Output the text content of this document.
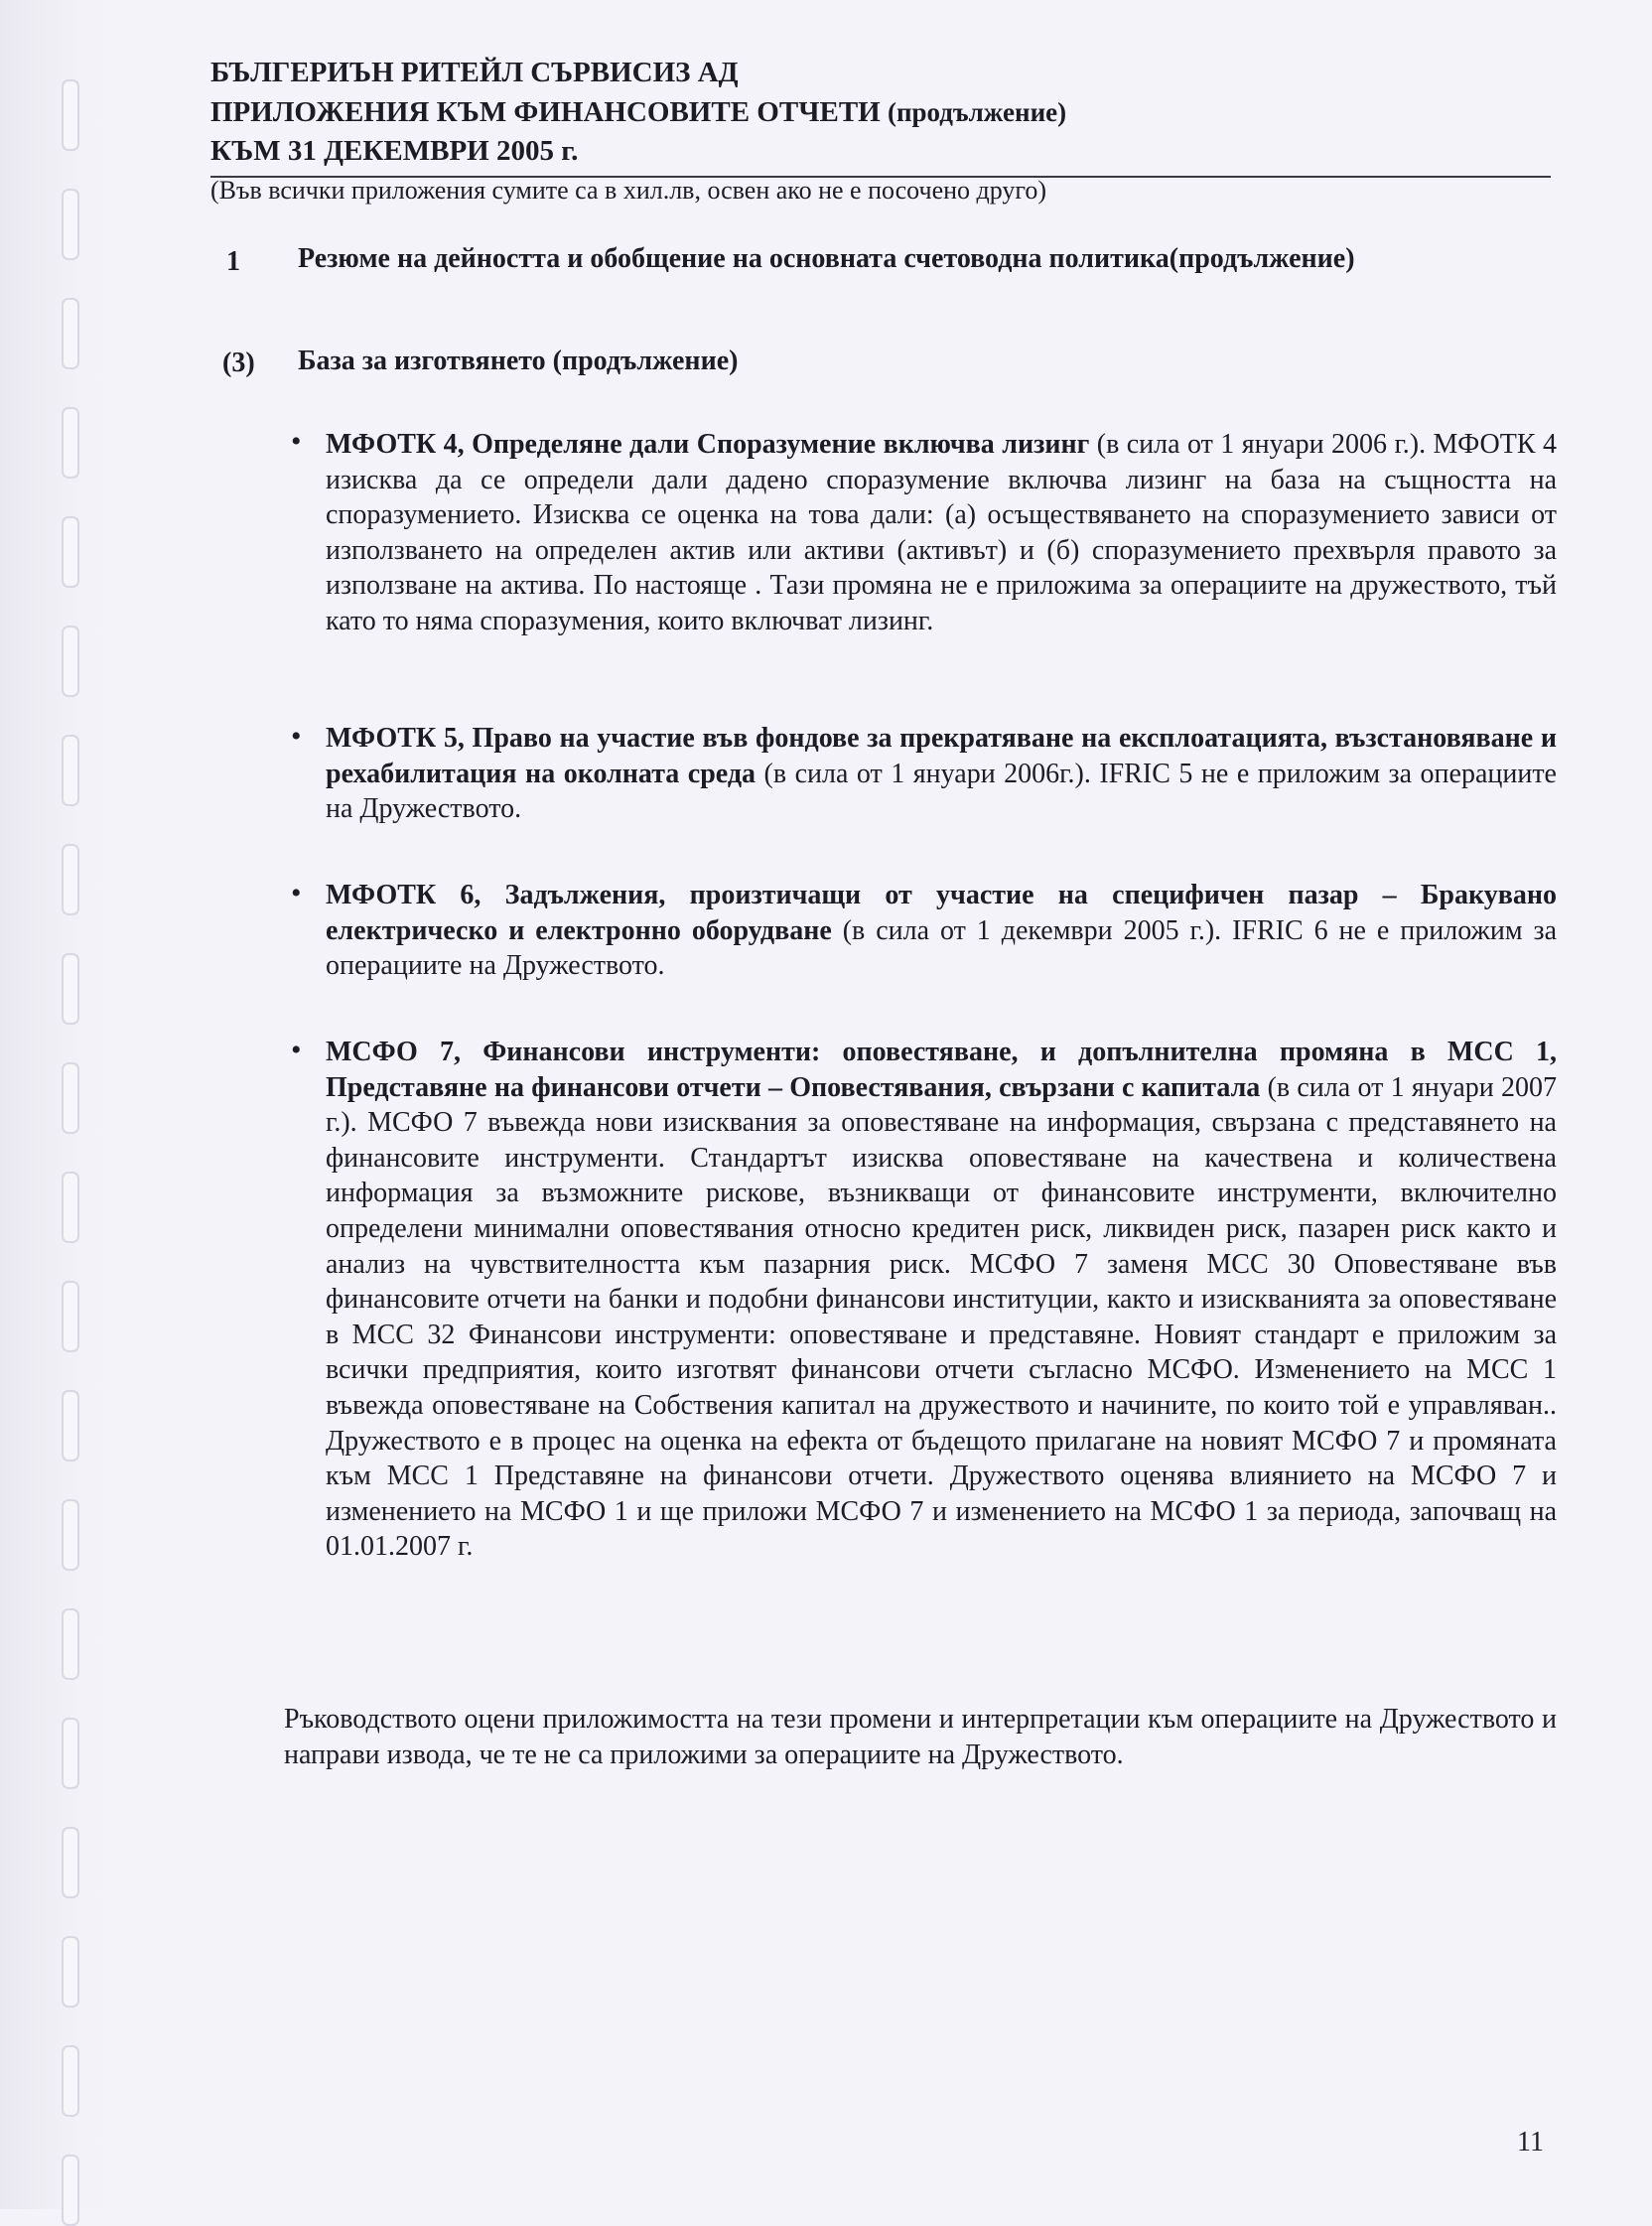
БЪЛГЕРИЪН РИТЕЙЛ СЪРВИСИЗ АД
ПРИЛОЖЕНИЯ КЪМ ФИНАНСОВИТЕ ОТЧЕТИ (продължение)
КЪМ 31 ДЕКЕМВРИ 2005 г.
(Във всички приложения сумите са в хил.лв, освен ако не е посочено друго)
1 Резюме на дейността и обобщение на основната счетоводна политика(продължение)
(3) База за изготвянето (продължение)
• МФОТК 4, Определяне дали Споразумение включва лизинг (в сила от 1 януари 2006 г.). МФОТК 4 изисква да се определи дали дадено споразумение включва лизинг на база на същността на споразумението. Изисква се оценка на това дали: (а) осъществяването на споразумението зависи от използването на определен актив или активи (активът) и (б) споразумението прехвърля правото за използване на актива. По настояще . Тази промяна не е приложима за операциите на дружеството, тъй като то няма споразумения, които включват лизинг.
• МФОТК 5, Право на участие във фондове за прекратяване на експлоатацията, възстановяване и рехабилитация на околната среда (в сила от 1 януари 2006г.). IFRIC 5 не е приложим за операциите на Дружеството.
• МФОТК 6, Задължения, произтичащи от участие на специфичен пазар – Бракувано електрическо и електронно оборудване (в сила от 1 декември 2005 г.). IFRIC 6 не е приложим за операциите на Дружеството.
• МСФО 7, Финансови инструменти: оповестяване, и допълнителна промяна в МСС 1, Представяне на финансови отчети – Оповестявания, свързани с капитала (в сила от 1 януари 2007 г.). МСФО 7 въвежда нови изисквания за оповестяване на информация, свързана с представянето на финансовите инструменти. Стандартът изисква оповестяване на качествена и количествена информация за възможните рискове, възникващи от финансовите инструменти, включително определени минимални оповестявания относно кредитен риск, ликвиден риск, пазарен риск както и анализ на чувствителността към пазарния риск. МСФО 7 заменя МСС 30 Оповестяване във финансовите отчети на банки и подобни финансови институции, както и изискванията за оповестяване в МСС 32 Финансови инструменти: оповестяване и представяне. Новият стандарт е приложим за всички предприятия, които изготвят финансови отчети съгласно МСФО. Изменението на МСС 1 въвежда оповестяване на Собствения капитал на дружеството и начините, по които той е управляван.. Дружеството е в процес на оценка на ефекта от бъдещото прилагане на новият МСФО 7 и промяната към МСС 1 Представяне на финансови отчети. Дружеството оценява влиянието на МСФО 7 и изменението на МСФО 1 и ще приложи МСФО 7 и изменението на МСФО 1 за периода, започващ на 01.01.2007 г.
Ръководството оцени приложимостта на тези промени и интерпретации към операциите на Дружеството и направи извода, че те не са приложими за операциите на Дружеството.
11
